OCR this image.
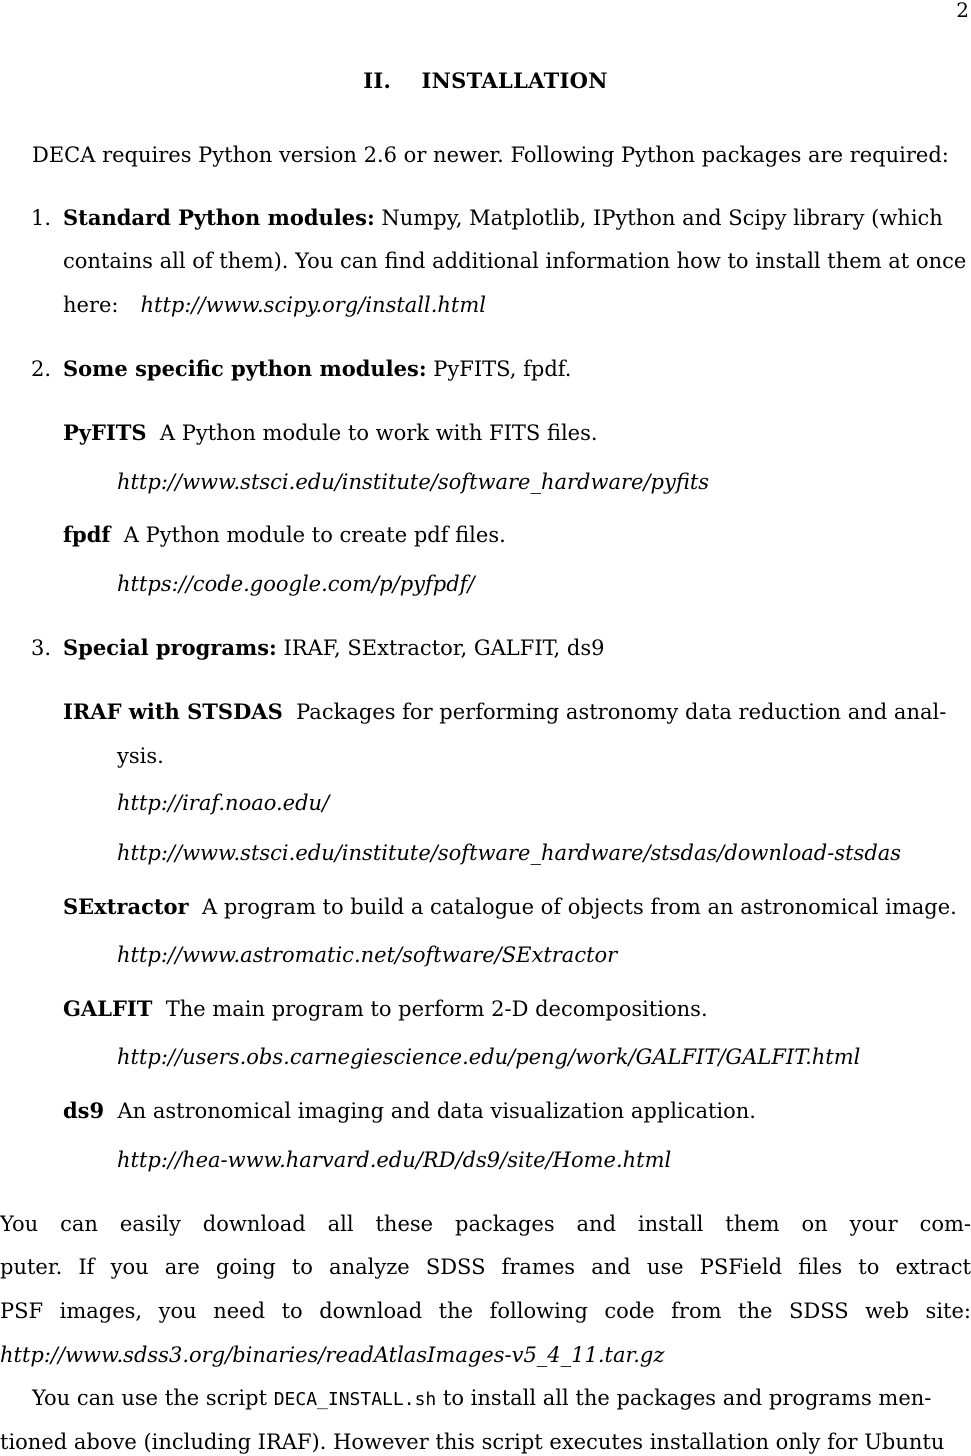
2
II.    INSTALLATION
DECA requires Python version 2.6 or newer. Following Python packages are required:
1. Standard Python modules: Numpy, Matplotlib, IPython and Scipy library (which
contains all of them). You can find additional information how to install them at once
here: http://www.scipy.org/install.html
2. Some specific python modules: PyFITS, fpdf.
PyFITS A Python module to work with FITS files.
http://www.stsci.edu/institute/software_hardware/pyfits
fpdf A Python module to create pdf files.
https://code.google.com/p/pyfpdf/
3. Special programs: IRAF, SExtractor, GALFIT, ds9
IRAF with STSDAS Packages for performing astronomy data reduction and anal-
ysis.
http://iraf.noao.edu/
http://www.stsci.edu/institute/software_hardware/stsdas/download-stsdas
SExtractor A program to build a catalogue of objects from an astronomical image.
http://www.astromatic.net/software/SExtractor
GALFIT The main program to perform 2-D decompositions.
http://users.obs.carnegiescience.edu/peng/work/GALFIT/GALFIT.html
ds9 An astronomical imaging and data visualization application.
http://hea-www.harvard.edu/RD/ds9/site/Home.html
You can easily download all these packages and install them on your com-
puter. If you are going to analyze SDSS frames and use PSField files to extract
PSF images, you need to download the following code from the SDSS web site:
http://www.sdss3.org/binaries/readAtlasImages-v5_4_11.tar.gz
You can use the script DECA_INSTALL.sh to install all the packages and programs men-
tioned above (including IRAF). However this script executes installation only for Ubuntu
